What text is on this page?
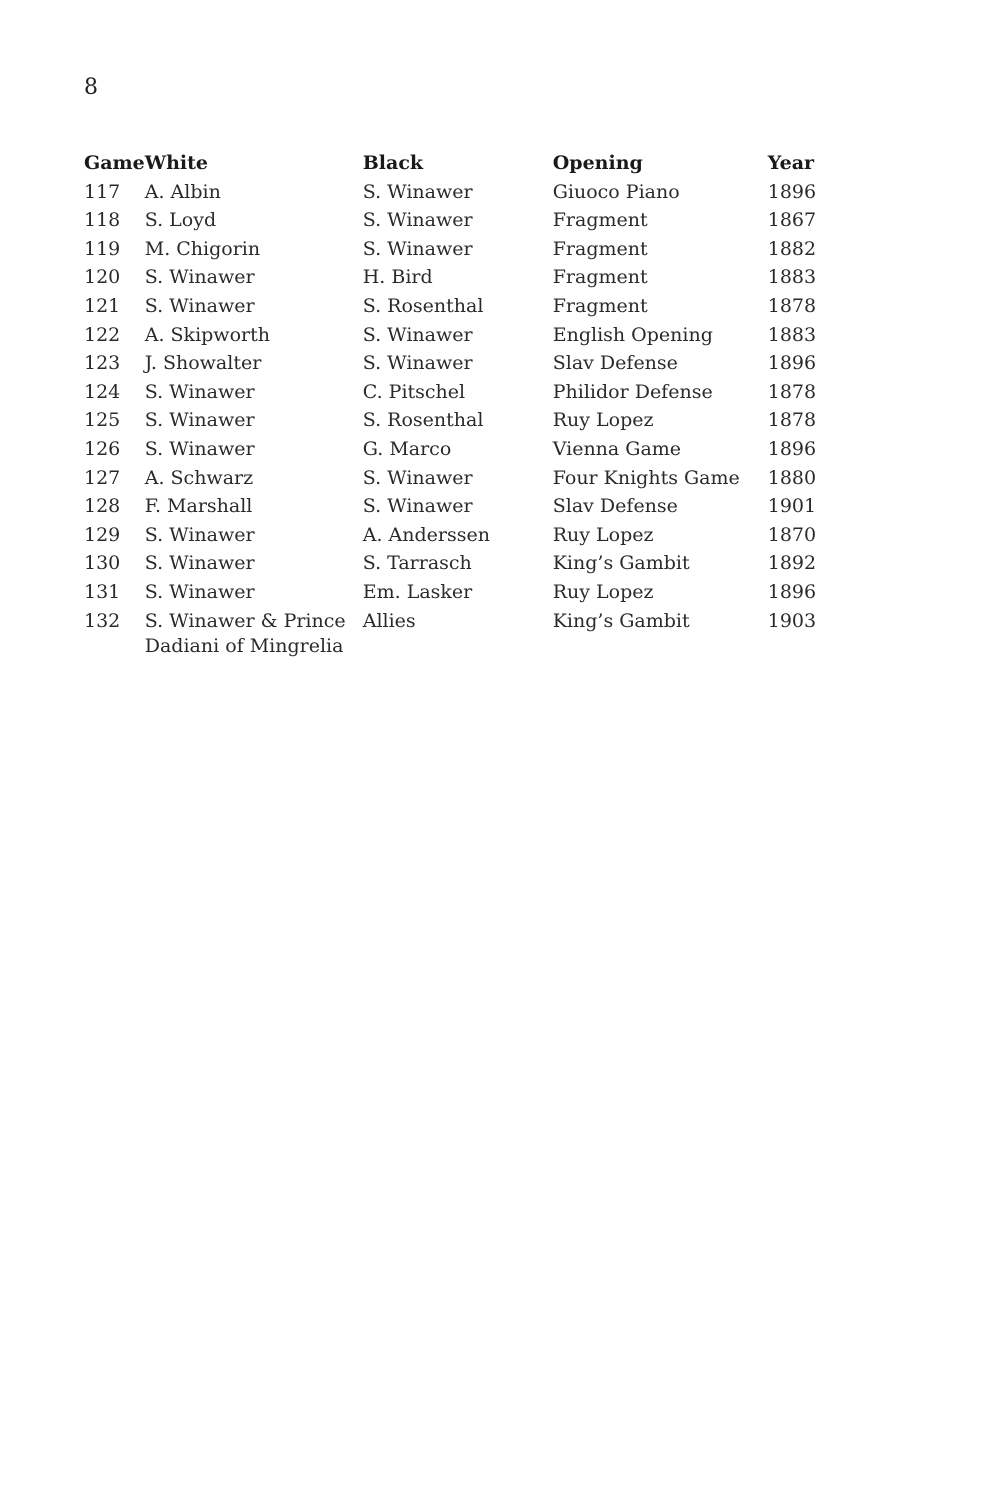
8
Game	White	Black	Opening	Year
117	A. Albin	S. Winawer	Giuoco Piano	1896
118	S. Loyd	S. Winawer	Fragment	1867
119	M. Chigorin	S. Winawer	Fragment	1882
120	S. Winawer	H. Bird	Fragment	1883
121	S. Winawer	S. Rosenthal	Fragment	1878
122	A. Skipworth	S. Winawer	English Opening	1883
123	J. Showalter	S. Winawer	Slav Defense	1896
124	S. Winawer	C. Pitschel	Philidor Defense	1878
125	S. Winawer	S. Rosenthal	Ruy Lopez	1878
126	S. Winawer	G. Marco	Vienna Game	1896
127	A. Schwarz	S. Winawer	Four Knights Game	1880
128	F. Marshall	S. Winawer	Slav Defense	1901
129	S. Winawer	A. Anderssen	Ruy Lopez	1870
130	S. Winawer	S. Tarrasch	King’s Gambit	1892
131	S. Winawer	Em. Lasker	Ruy Lopez	1896
132	S. Winawer & Prince Dadiani of Mingrelia	Allies	King’s Gambit	1903
